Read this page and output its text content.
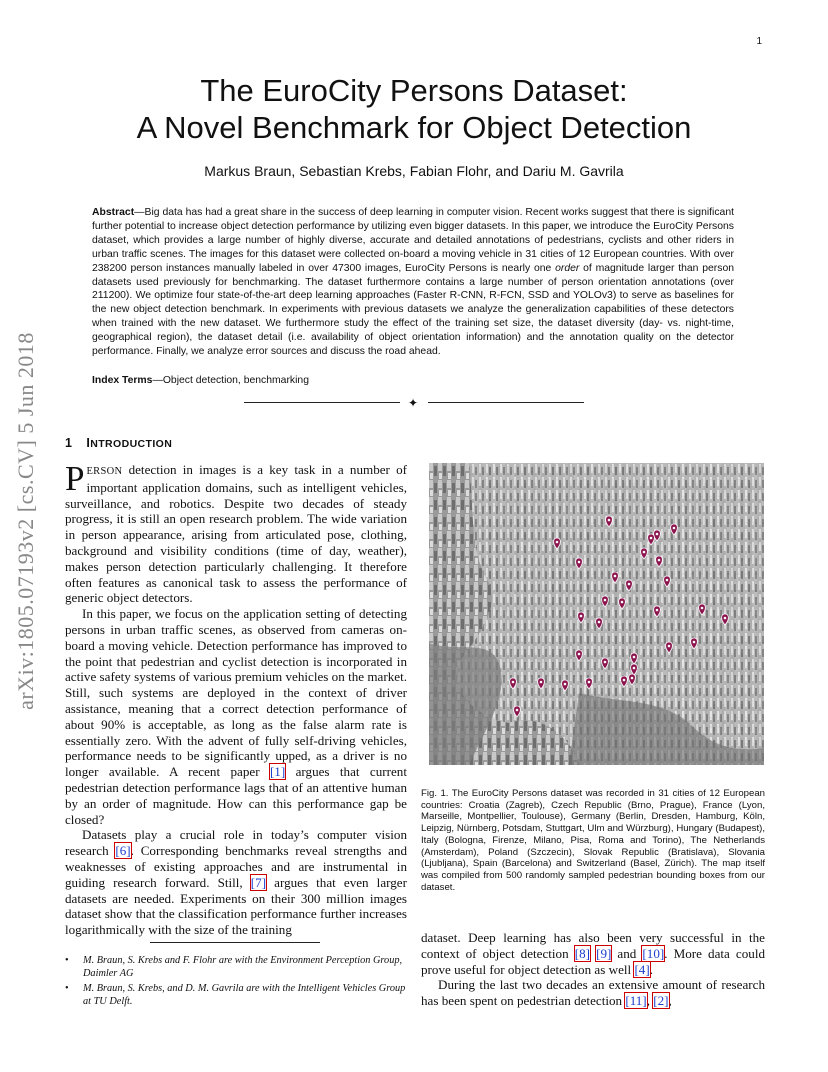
1
The EuroCity Persons Dataset:
A Novel Benchmark for Object Detection
Markus Braun, Sebastian Krebs, Fabian Flohr, and Dariu M. Gavrila
Abstract—Big data has had a great share in the success of deep learning in computer vision. Recent works suggest that there is significant further potential to increase object detection performance by utilizing even bigger datasets. In this paper, we introduce the EuroCity Persons dataset, which provides a large number of highly diverse, accurate and detailed annotations of pedestrians, cyclists and other riders in urban traffic scenes. The images for this dataset were collected on-board a moving vehicle in 31 cities of 12 European countries. With over 238200 person instances manually labeled in over 47300 images, EuroCity Persons is nearly one order of magnitude larger than person datasets used previously for benchmarking. The dataset furthermore contains a large number of person orientation annotations (over 211200). We optimize four state-of-the-art deep learning approaches (Faster R-CNN, R-FCN, SSD and YOLOv3) to serve as baselines for the new object detection benchmark. In experiments with previous datasets we analyze the generalization capabilities of these detectors when trained with the new dataset. We furthermore study the effect of the training set size, the dataset diversity (day- vs. night-time, geographical region), the dataset detail (i.e. availability of object orientation information) and the annotation quality on the detector performance. Finally, we analyze error sources and discuss the road ahead.
Index Terms—Object detection, benchmarking
✦
arXiv:1805.07193v2 [cs.CV] 5 Jun 2018 1 INTRODUCTION

PERSON detection in images is a key task in a number of important application domains, such as intelligent vehicles, surveillance, and robotics. Despite two decades of steady progress, it is still an open research problem. The wide variation in person appearance, arising from articulated pose, clothing, background and visibility conditions (time of day, weather), makes person detection particularly challenging. It therefore often features as canonical task to assess the performance of generic object detectors.

In this paper, we focus on the application setting of detecting persons in urban traffic scenes, as observed from cameras on-board a moving vehicle. Detection performance has improved to the point that pedestrian and cyclist detection is incorporated in active safety systems of various premium vehicles on the market. Still, such systems are deployed in the context of driver assistance, meaning that a correct detection performance of about 90% is acceptable, as long as the false alarm rate is essentially zero. With the advent of fully self-driving vehicles, performance needs to be significantly upped, as a driver is no longer available. A recent paper [1] argues that current pedestrian detection performance lags that of an attentive human by an order of magnitude. How can this performance gap be closed?

Datasets play a crucial role in today’s computer vision research [6]. Corresponding benchmarks reveal strengths and weaknesses of existing approaches and are instrumental in guiding research forward. Still, [7] argues that even larger datasets are needed. Experiments on their 300 million images dataset show that the classification performance further increases logarithmically with the size of the training

• M. Braun, S. Krebs and F. Flohr are with the Environment Perception Group, Daimler AG
• M. Braun, S. Krebs, and D. M. Gavrila are with the Intelligent Vehicles Group at TU Delft.
Fig. 1. The EuroCity Persons dataset was recorded in 31 cities of 12 European countries: Croatia (Zagreb), Czech Republic (Brno, Prague), France (Lyon, Marseille, Montpellier, Toulouse), Germany (Berlin, Dresden, Hamburg, Köln, Leipzig, Nürnberg, Potsdam, Stuttgart, Ulm and Würzburg), Hungary (Budapest), Italy (Bologna, Firenze, Milano, Pisa, Roma and Torino), The Netherlands (Amsterdam), Poland (Szczecin), Slovak Republic (Bratislava), Slovania (Ljubljana), Spain (Barcelona) and Switzerland (Basel, Zürich). The map itself was compiled from 500 randomly sampled pedestrian bounding boxes from our dataset.

dataset. Deep learning has also been very successful in the context of object detection [8] [9] and [10]. More data could prove useful for object detection as well [4].

During the last two decades an extensive amount of research has been spent on pedestrian detection [11], [2],
